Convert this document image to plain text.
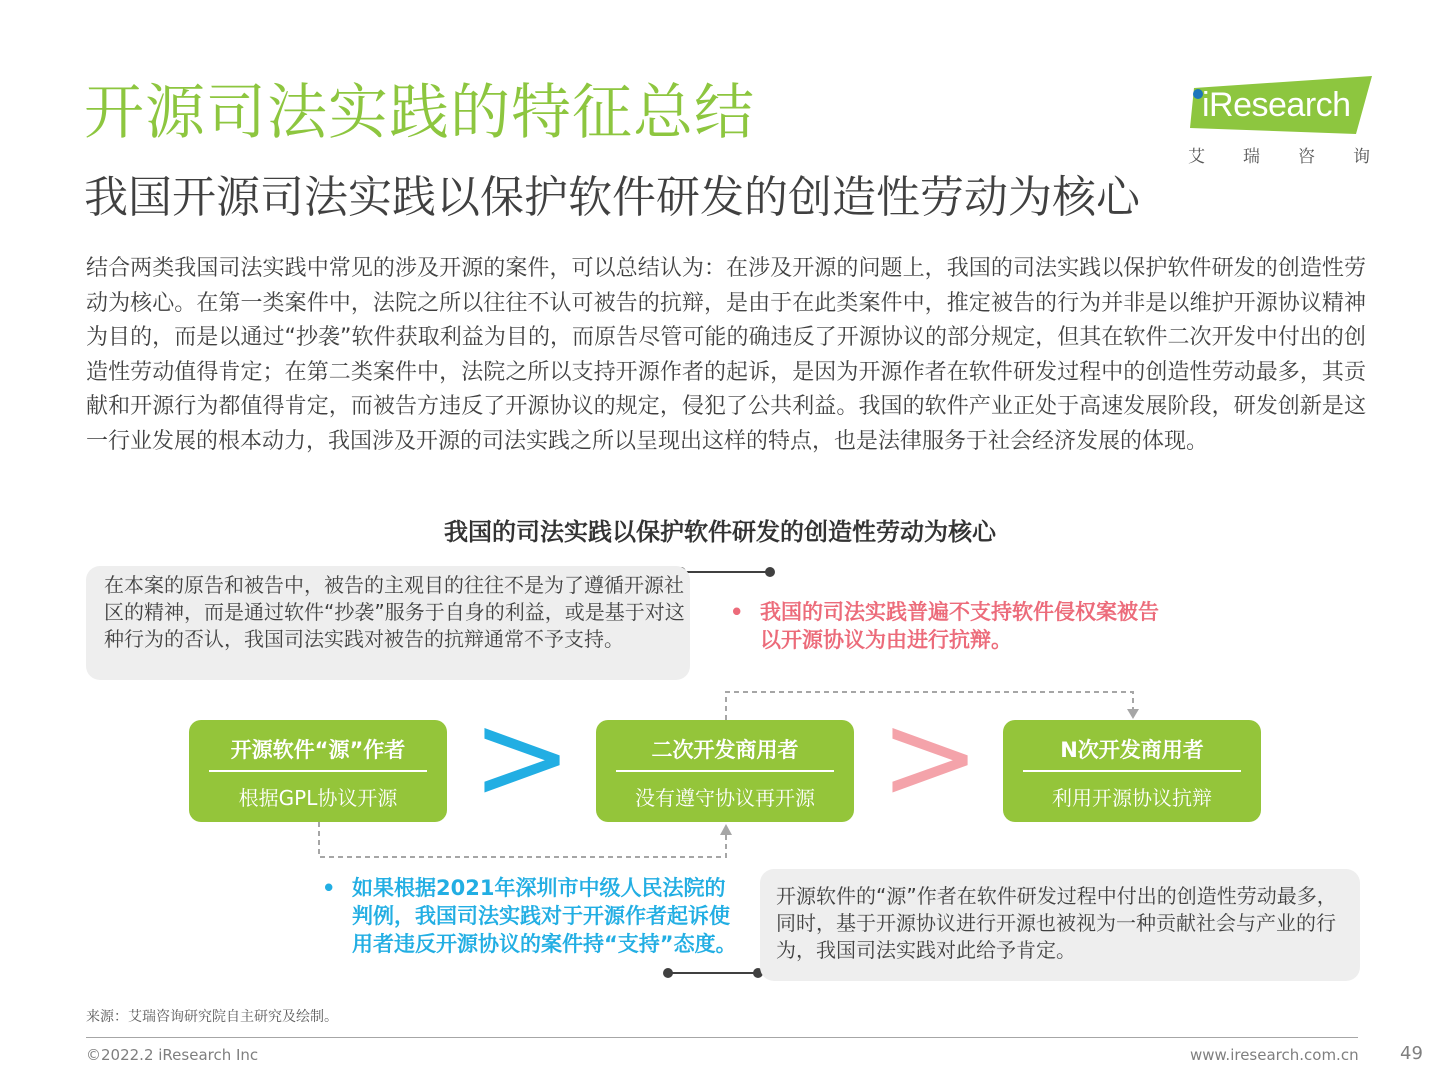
开源司法实践的特征总结
我国开源司法实践以保护软件研发的创造性劳动为核心
iResearch
艾 瑞 咨 询
结合两类我国司法实践中常见的涉及开源的案件，可以总结认为：在涉及开源的问题上，我国的司法实践以保护软件研发的创造性劳动为核心。在第一类案件中，法院之所以往往不认可被告的抗辩，是由于在此类案件中，推定被告的行为并非是以维护开源协议精神为目的，而是以通过“抄袭”软件获取利益为目的，而原告尽管可能的确违反了开源协议的部分规定，但其在软件二次开发中付出的创造性劳动值得肯定；在第二类案件中，法院之所以支持开源作者的起诉，是因为开源作者在软件研发过程中的创造性劳动最多，其贡献和开源行为都值得肯定，而被告方违反了开源协议的规定，侵犯了公共利益。我国的软件产业正处于高速发展阶段，研发创新是这一行业发展的根本动力，我国涉及开源的司法实践之所以呈现出这样的特点，也是法律服务于社会经济发展的体现。
我国的司法实践以保护软件研发的创造性劳动为核心
>	>
在本案的原告和被告中，被告的主观目的往往不是为了遵循开源社区的精神，而是通过软件“抄袭”服务于自身的利益，或是基于对这种行为的否认，我国司法实践对被告的抗辩通常不予支持。
开源软件的“源”作者在软件研发过程中付出的创造性劳动最多，同时，基于开源协议进行开源也被视为一种贡献社会与产业的行为，我国司法实践对此给予肯定。
• 我国的司法实践普遍不支持软件侵权案被告以开源协议为由进行抗辩。
• 如果根据2021年深圳市中级人民法院的判例，我国司法实践对于开源作者起诉使用者违反开源协议的案件持“支持”态度。
开源软件“源”作者
根据GPL协议开源
二次开发商用者
没有遵守协议再开源
N次开发商用者
利用开源协议抗辩
来源：艾瑞咨询研究院自主研究及绘制。
©2022.2 iResearch Inc	www.iresearch.com.cn 49
